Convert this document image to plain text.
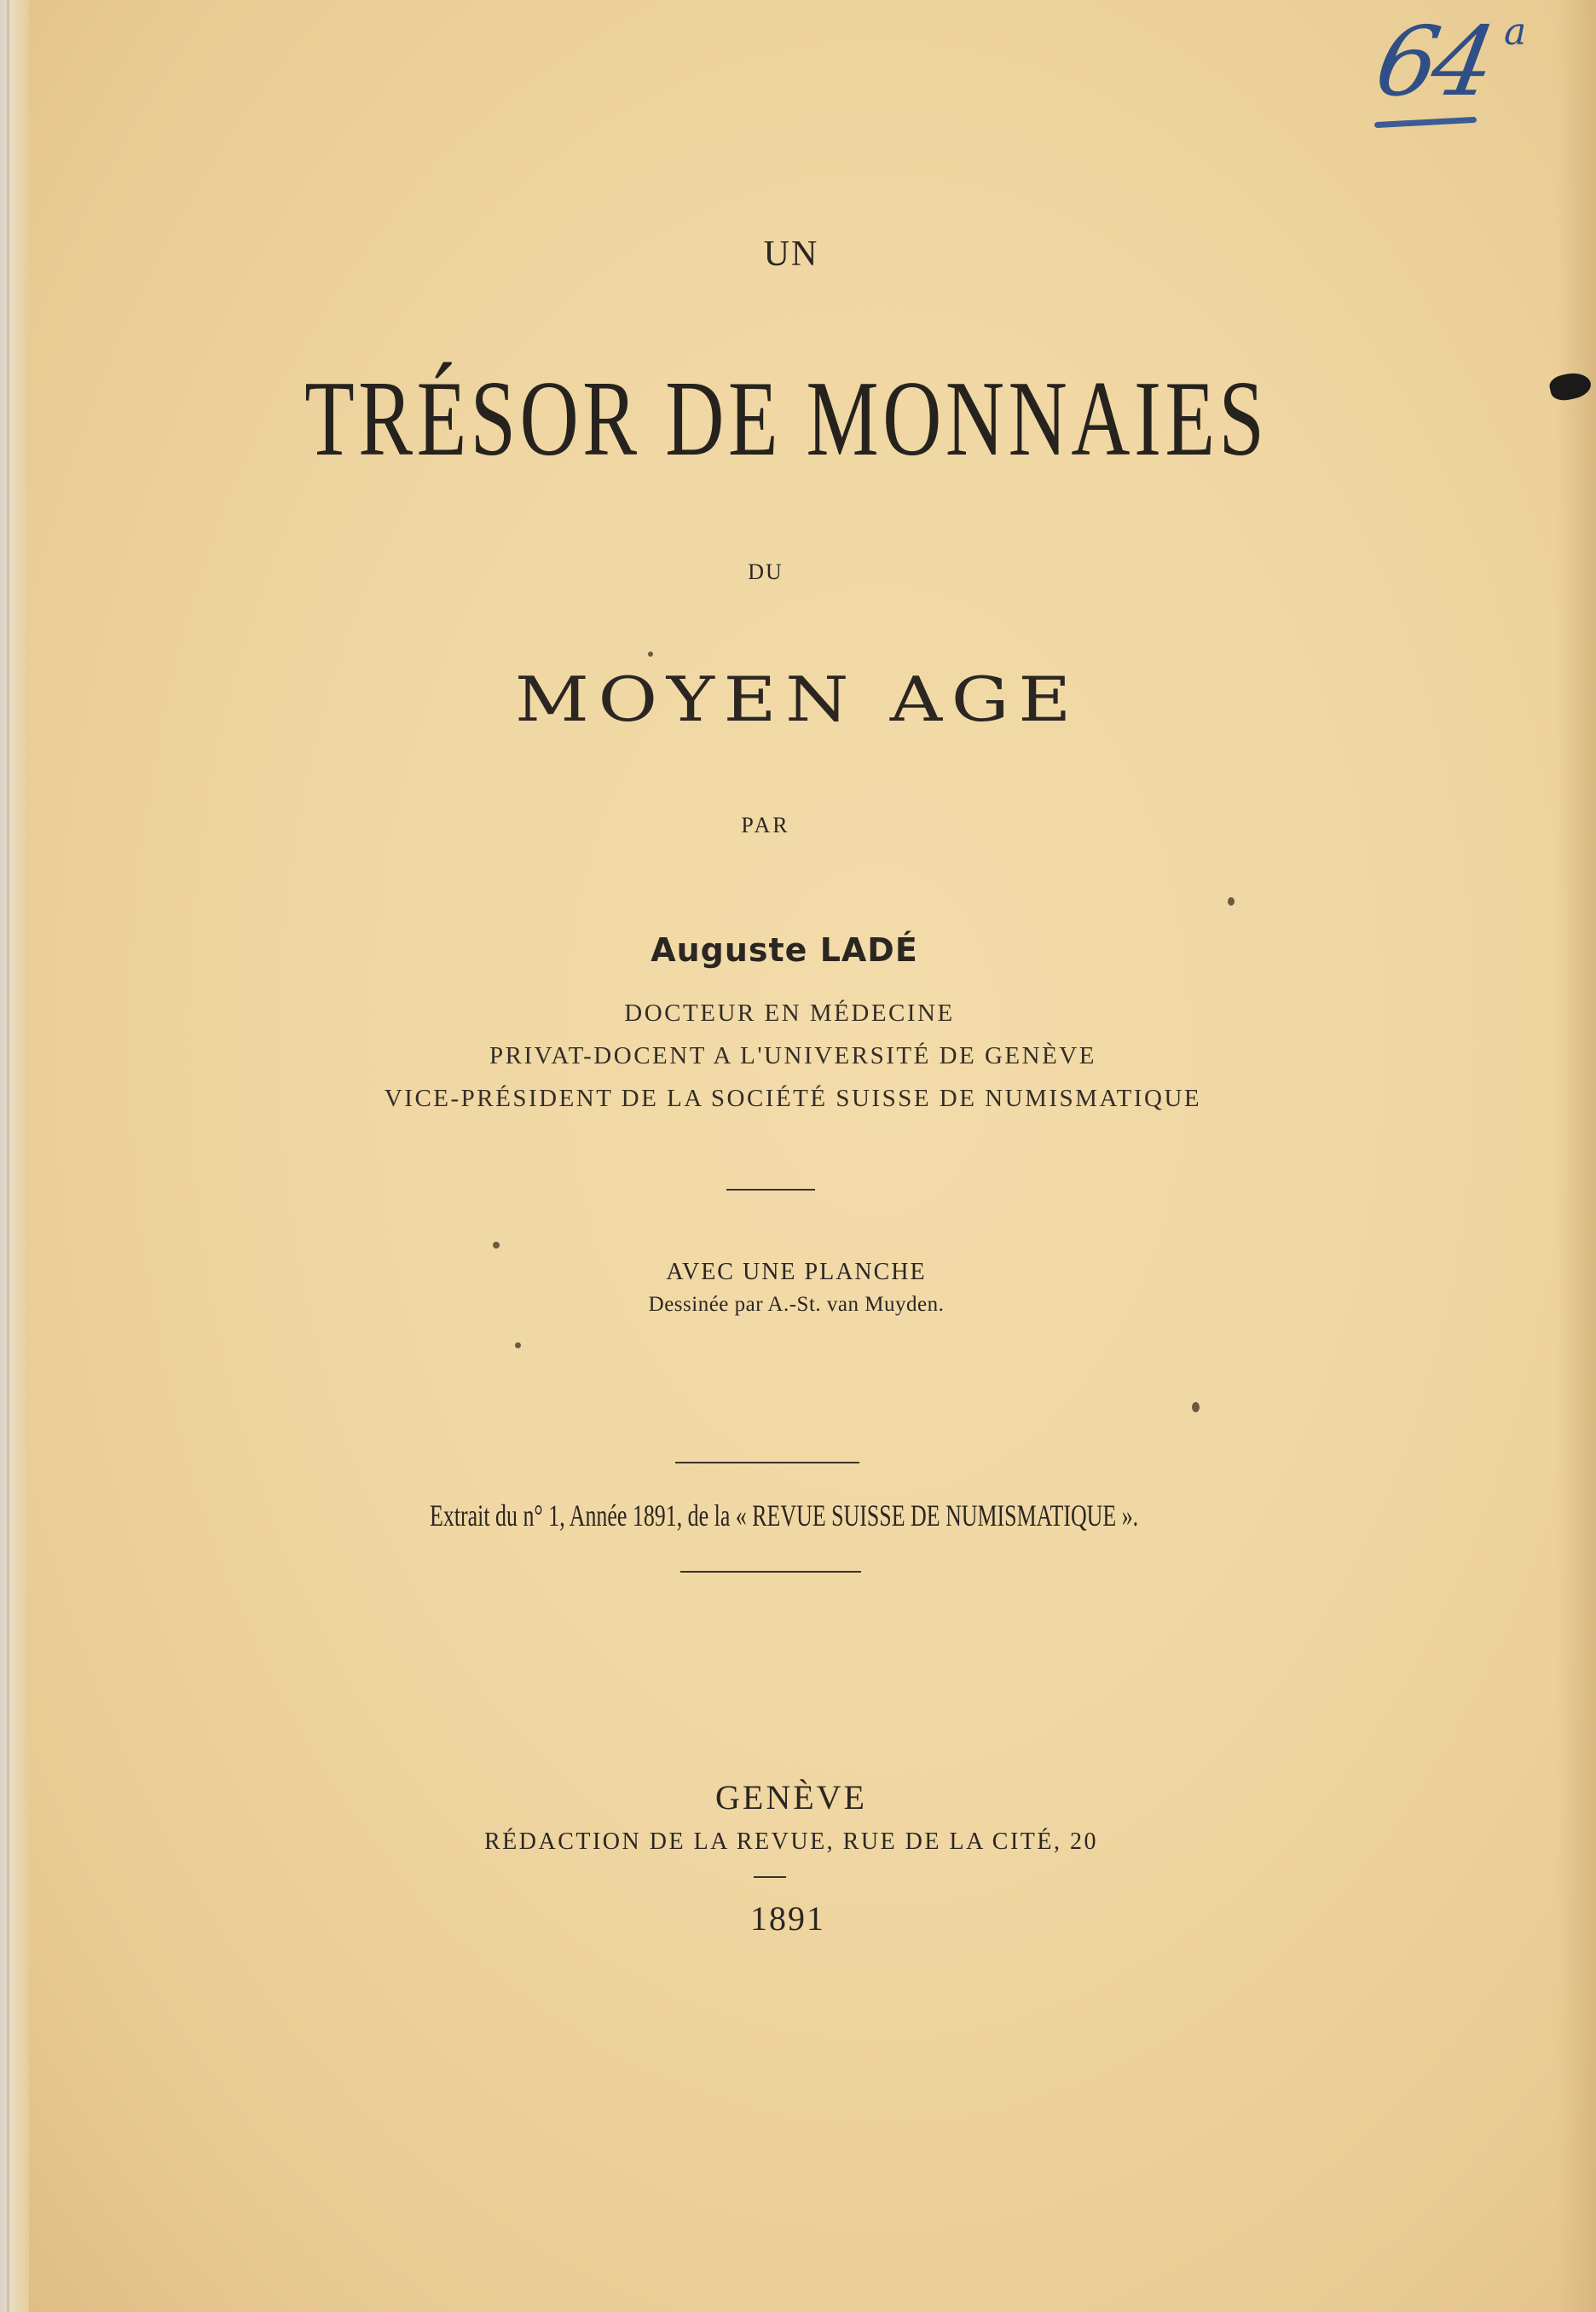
64 a
UN
TRÉSOR DE MONNAIES
DU
MOYEN AGE
PAR
Auguste LADÉ
DOCTEUR EN MÉDECINE
PRIVAT-DOCENT A L'UNIVERSITÉ DE GENÈVE
VICE-PRÉSIDENT DE LA SOCIÉTÉ SUISSE DE NUMISMATIQUE
AVEC UNE PLANCHE
Dessinée par A.-St. van Muyden.
Extrait du n° 1, Année 1891, de la « REVUE SUISSE DE NUMISMATIQUE ».
GENÈVE
RÉDACTION DE LA REVUE, RUE DE LA CITÉ, 20
1891
